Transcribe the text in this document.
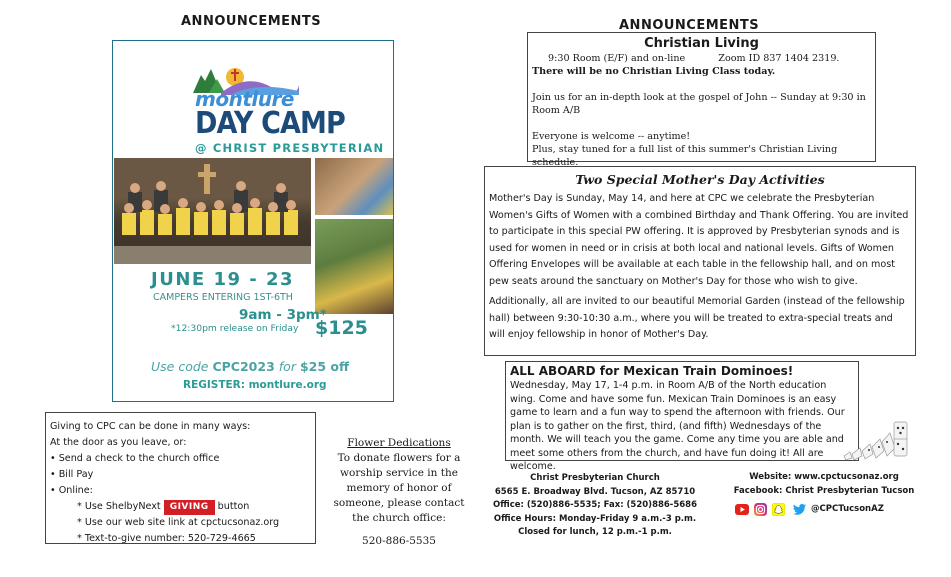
ANNOUNCEMENTS	ANNOUNCEMENTS
montlure
DAY CAMP
@ CHRIST PRESBYTERIAN
JUNE 19 - 23
CAMPERS ENTERING 1ST-6TH
9am - 3pm*
*12:30pm release on Friday $125
Use code CPC2023 for $25 off
REGISTER: montlure.org
Giving to CPC can be done in many ways:
At the door as you leave, or:
• Send a check to the church office
• Bill Pay
• Online:
* Use ShelbyNext GIVING button
* Use our web site link at cpctucsonaz.org
* Text-to-give number: 520-729-4665
Flower Dedications
To donate flowers for a worship service in the memory of honor of someone, please contact the church office:
520-886-5535
Christian Living
9:30 Room (E/F) and on-line	Zoom ID 837 1404 2319.
There will be no Christian Living Class today.
Join us for an in-depth look at the gospel of John -- Sunday at 9:30 in Room A/B
Everyone is welcome -- anytime!
Plus, stay tuned for a full list of this summer's Christian Living schedule.
Two Special Mother's Day Activities
Mother's Day is Sunday, May 14, and here at CPC we celebrate the Presbyterian Women's Gifts of Women with a combined Birthday and Thank Offering. You are invited to participate in this special PW offering. It is approved by Presbyterian synods and is used for women in need or in crisis at both local and national levels. Gifts of Women Offering Envelopes will be available at each table in the fellowship hall, and on most pew seats around the sanctuary on Mother's Day for those who wish to give.
Additionally, all are invited to our beautiful Memorial Garden (instead of the fellowship hall) between 9:30-10:30 a.m., where you will be treated to extra-special treats and will enjoy fellowship in honor of Mother's Day.
ALL ABOARD for Mexican Train Dominoes!
Wednesday, May 17, 1-4 p.m. in Room A/B of the North education wing. Come and have some fun. Mexican Train Dominoes is an easy game to learn and a fun way to spend the afternoon with friends. Our plan is to gather on the first, third, (and fifth) Wednesdays of the month. We will teach you the game. Come any time you are able and meet some others from the church, and have fun doing it! All are welcome.
Christ Presbyterian Church
6565 E. Broadway Blvd. Tucson, AZ 85710
Office: (520)886-5535; Fax: (520)886-5686
Office Hours: Monday-Friday 9 a.m.-3 p.m.
Closed for lunch, 12 p.m.-1 p.m.
Website: www.cpctucsonaz.org
Facebook: Christ Presbyterian Tucson
@CPCTucsonAZ
